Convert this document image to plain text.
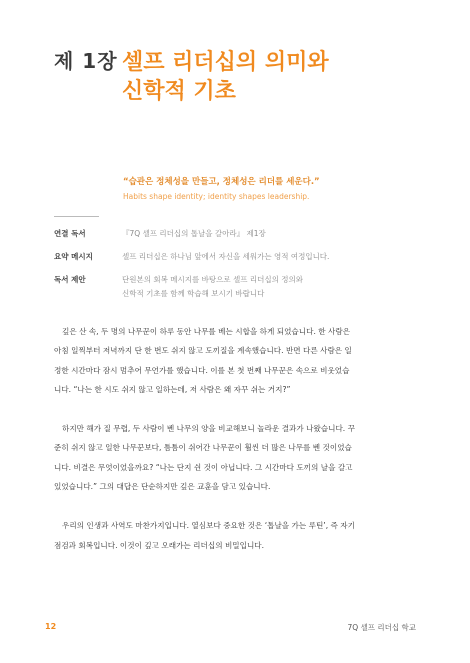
제 1장 셀프 리더십의 의미와
신학적 기초
“습관은 정체성을 만들고, 정체성은 리더를 세운다.”
Habits shape identity; identity shapes leadership.
연결 독서	『7Q 셀프 리더십의 톱날을 갈아라』 제1장
요약 메시지	셀프 리더십은 하나님 앞에서 자신을 세워가는 영적 여정입니다.
독서 제안	단원본의 회복 메시지를 바탕으로 셀프 리더십의 정의와
신학적 기초를 함께 학습해 보시기 바랍니다
깊은 산 속, 두 명의 나무꾼이 하루 동안 나무를 베는 시합을 하게 되었습니다. 한 사람은
아침 일찍부터 저녁까지 단 한 번도 쉬지 않고 도끼질을 계속했습니다. 반면 다른 사람은 일
정한 시간마다 잠시 멈추어 무언가를 했습니다. 이를 본 첫 번째 나무꾼은 속으로 비웃었습
니다. “나는 한 시도 쉬지 않고 일하는데, 저 사람은 왜 자꾸 쉬는 거지?”
하지만 해가 질 무렵, 두 사람이 벤 나무의 양을 비교해보니 놀라운 결과가 나왔습니다. 꾸
준히 쉬지 않고 일한 나무꾼보다, 틈틈이 쉬어간 나무꾼이 훨씬 더 많은 나무를 벤 것이었습
니다. 비결은 무엇이었을까요? “나는 단지 쉰 것이 아닙니다. 그 시간마다 도끼의 날을 갈고
있었습니다.” 그의 대답은 단순하지만 깊은 교훈을 담고 있습니다.
우리의 인생과 사역도 마찬가지입니다. 열심보다 중요한 것은 ‘톱날을 가는 루틴’, 즉 자기
점검과 회복입니다. 이것이 깊고 오래가는 리더십의 비밀입니다.
12	7Q 셀프 리더십 학교
